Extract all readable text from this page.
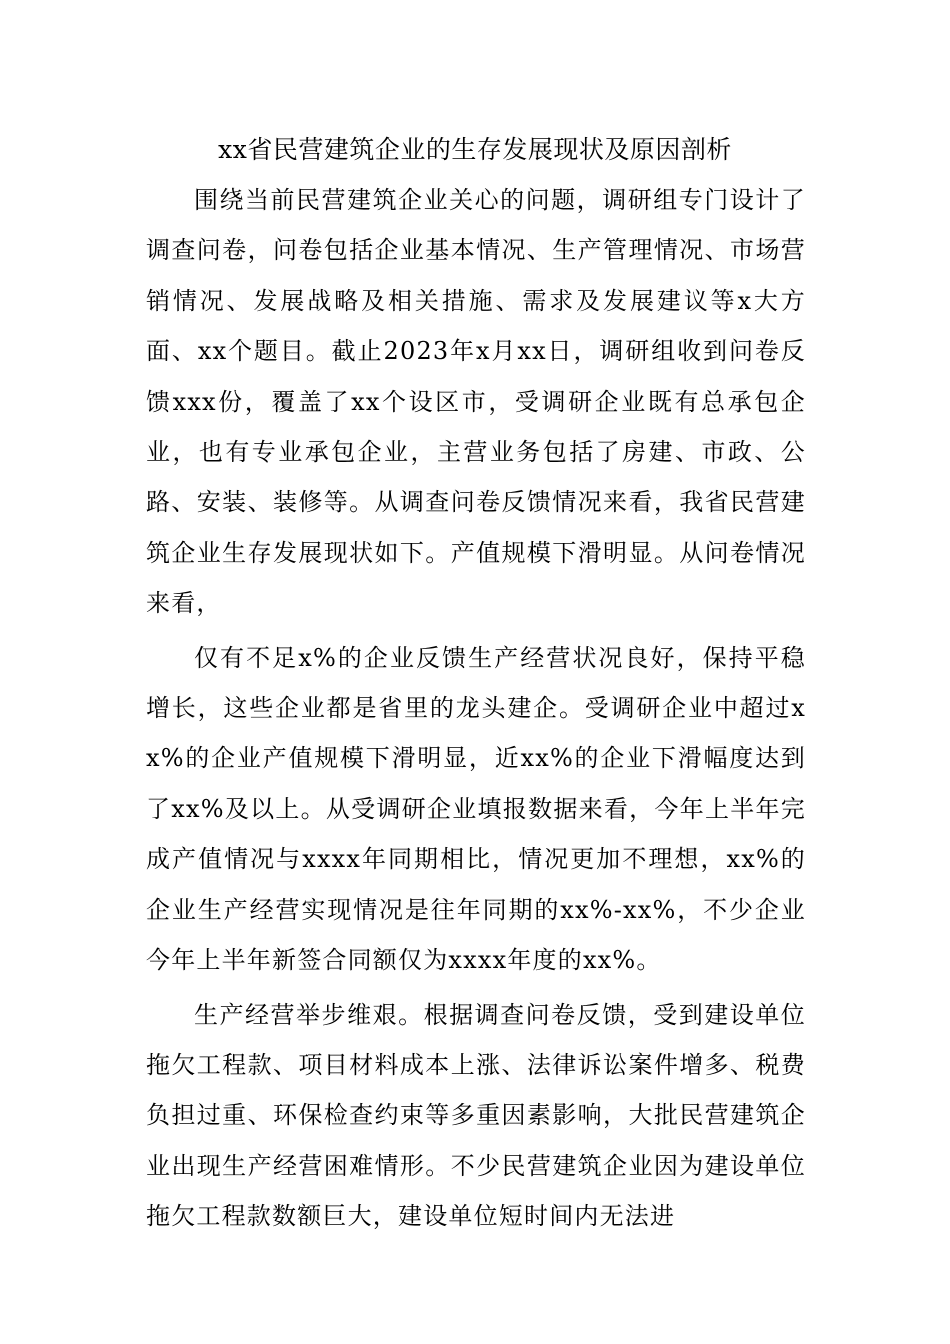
xx省民营建筑企业的生存发展现状及原因剖析

围绕当前民营建筑企业关心的问题，调研组专门设计了调查问卷，问卷包括企业基本情况、生产管理情况、市场营销情况、发展战略及相关措施、需求及发展建议等x大方面、xx个题目。截止2023年x月xx日，调研组收到问卷反馈xxx份，覆盖了xx个设区市，受调研企业既有总承包企业，也有专业承包企业，主营业务包括了房建、市政、公路、安装、装修等。从调查问卷反馈情况来看，我省民营建筑企业生存发展现状如下。产值规模下滑明显。从问卷情况来看，

仅有不足x%的企业反馈生产经营状况良好，保持平稳增长，这些企业都是省里的龙头建企。受调研企业中超过xx%的企业产值规模下滑明显，近xx%的企业下滑幅度达到了xx%及以上。从受调研企业填报数据来看，今年上半年完成产值情况与xxxx年同期相比，情况更加不理想，xx%的企业生产经营实现情况是往年同期的xx%-xx%，不少企业今年上半年新签合同额仅为xxxx年度的xx%。

生产经营举步维艰。根据调查问卷反馈，受到建设单位拖欠工程款、项目材料成本上涨、法律诉讼案件增多、税费负担过重、环保检查约束等多重因素影响，大批民营建筑企业出现生产经营困难情形。不少民营建筑企业因为建设单位拖欠工程款数额巨大，建设单位短时间内无法进
